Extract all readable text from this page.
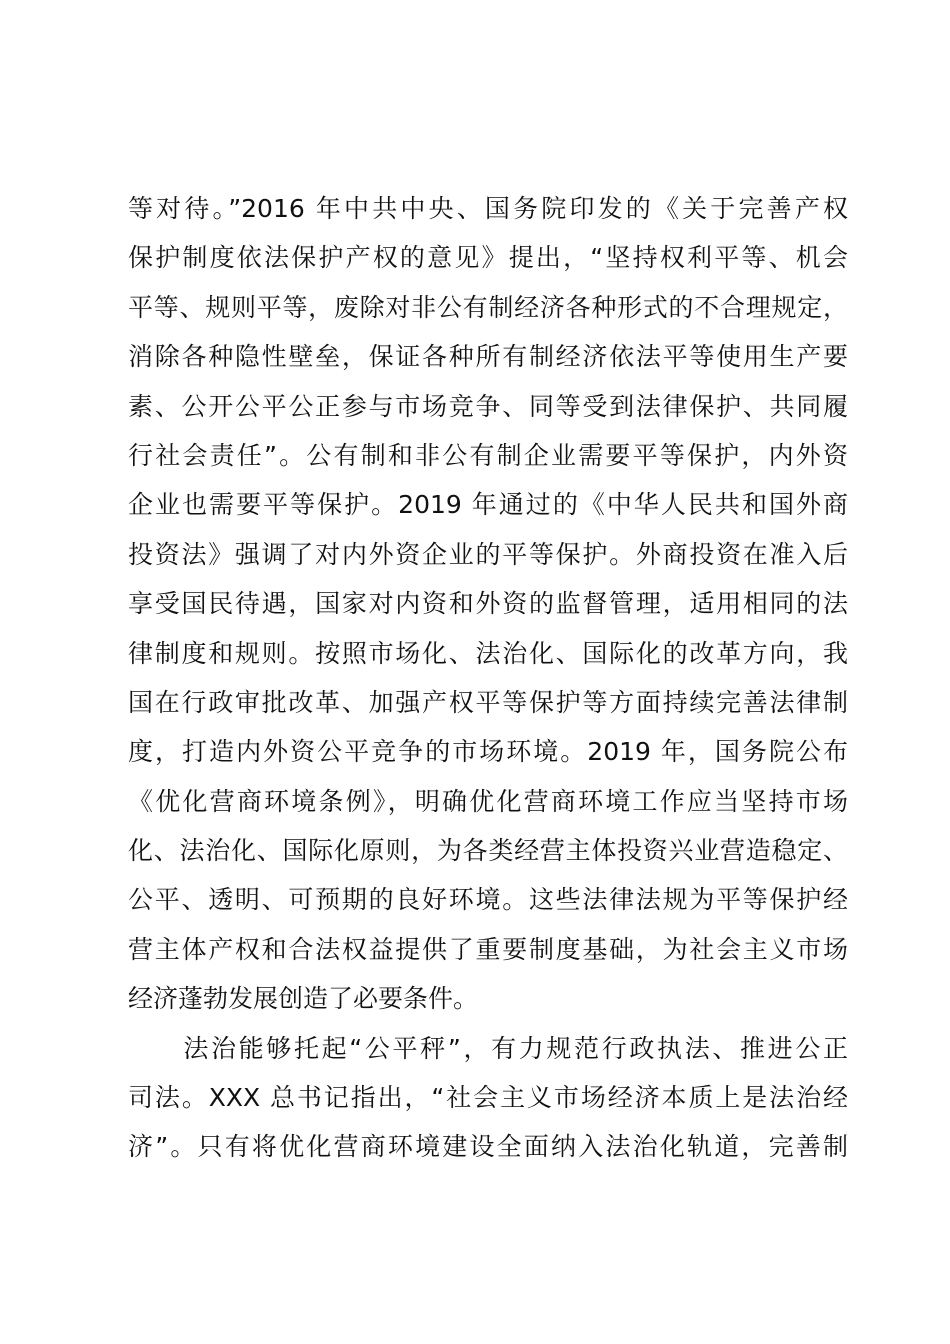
等对待。”2016 年中共中央、国务院印发的《关于完善产权
保护制度依法保护产权的意见》提出，“坚持权利平等、机会
平等、规则平等，废除对非公有制经济各种形式的不合理规定，
消除各种隐性壁垒，保证各种所有制经济依法平等使用生产要
素、公开公平公正参与市场竞争、同等受到法律保护、共同履
行社会责任”。公有制和非公有制企业需要平等保护，内外资
企业也需要平等保护。2019 年通过的《中华人民共和国外商
投资法》强调了对内外资企业的平等保护。外商投资在准入后
享受国民待遇，国家对内资和外资的监督管理，适用相同的法
律制度和规则。按照市场化、法治化、国际化的改革方向，我
国在行政审批改革、加强产权平等保护等方面持续完善法律制
度，打造内外资公平竞争的市场环境。2019 年，国务院公布
《优化营商环境条例》，明确优化营商环境工作应当坚持市场
化、法治化、国际化原则，为各类经营主体投资兴业营造稳定、
公平、透明、可预期的良好环境。这些法律法规为平等保护经
营主体产权和合法权益提供了重要制度基础，为社会主义市场
经济蓬勃发展创造了必要条件。
　　法治能够托起“公平秤”，有力规范行政执法、推进公正
司法。XXX 总书记指出，“社会主义市场经济本质上是法治经
济”。只有将优化营商环境建设全面纳入法治化轨道，完善制
